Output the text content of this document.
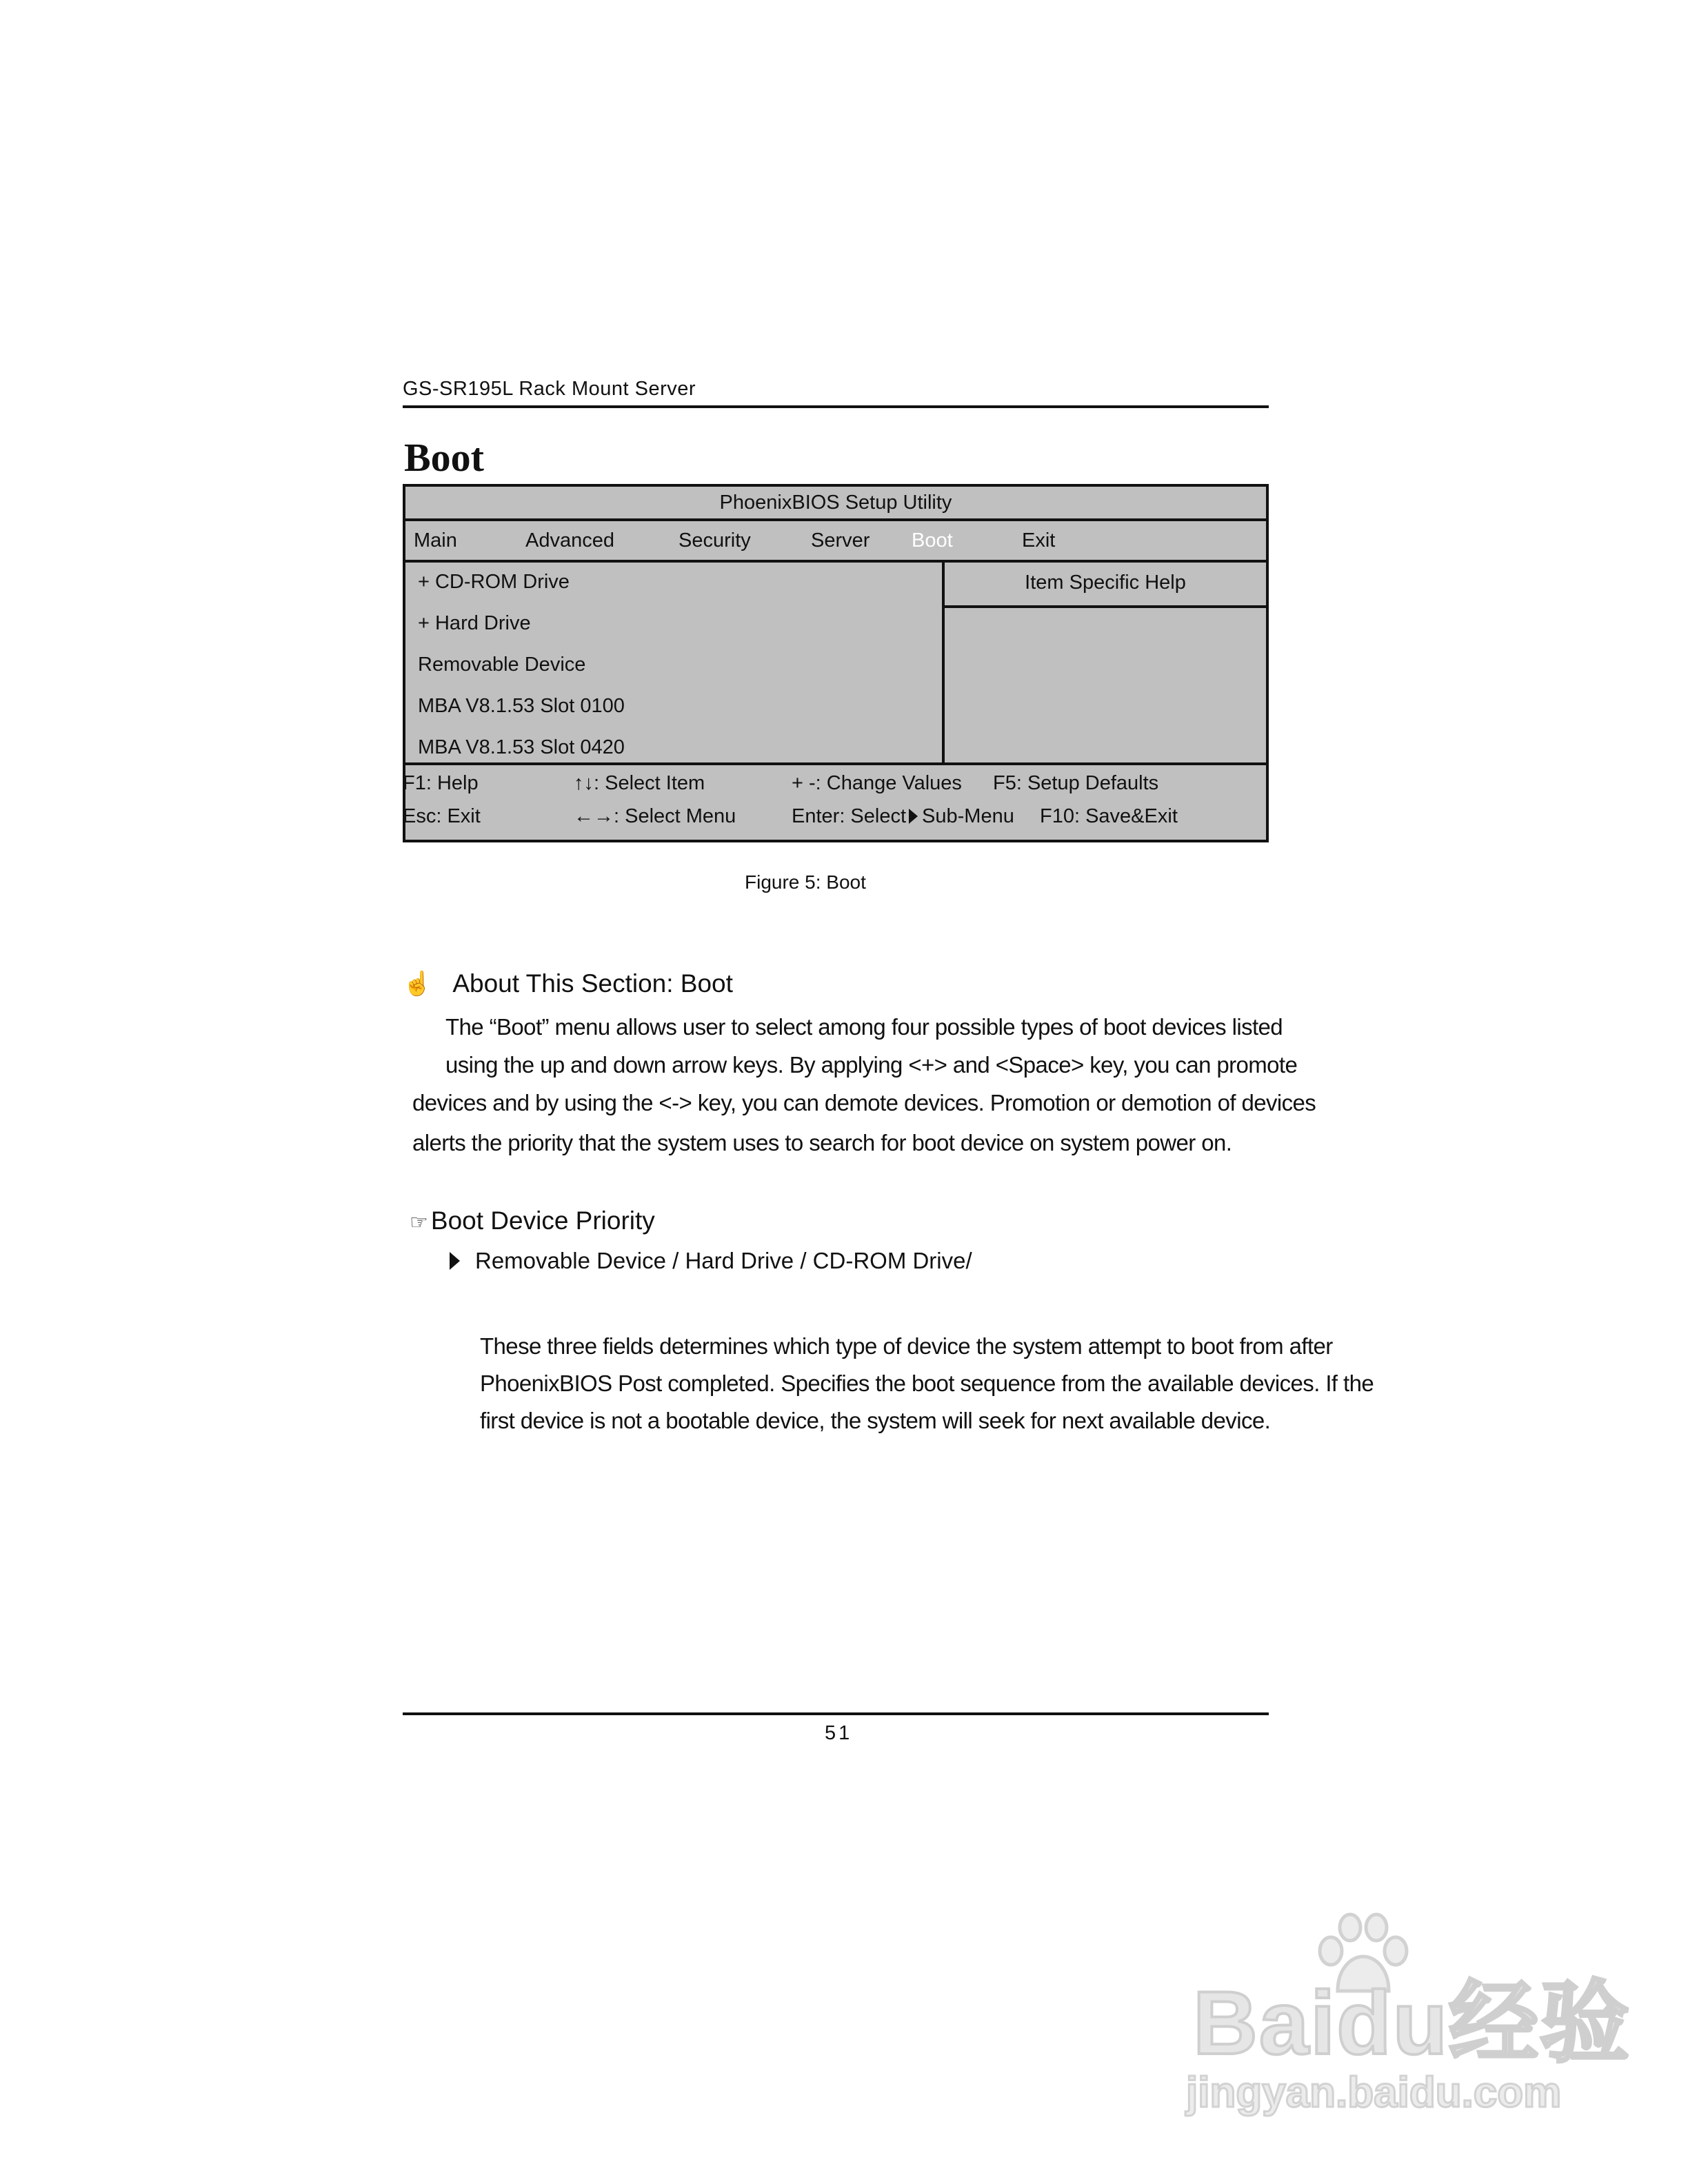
GS-SR195L Rack Mount Server
Boot
PhoenixBIOS Setup Utility
Main	Advanced	Security	Server Boot	Exit
+ CD-ROM Drive
+ Hard Drive
Removable Device
MBA V8.1.53 Slot 0100
MBA V8.1.53 Slot 0420
Item Specific Help
F1: Help	↑↓: Select Item	+ -: Change Values F5: Setup Defaults
Esc: Exit	←→: Select Menu	Enter: Select Sub-Menu F10: Save&Exit
Figure 5: Boot
☝ About This Section: Boot
The “Boot” menu allows user to select among four possible types of boot devices listed
using the up and down arrow keys. By applying <+> and <Space> key, you can promote
devices and by using the <-> key, you can demote devices. Promotion or demotion of devices
alerts the priority that the system uses to search for boot device on system power on.
☞ Boot Device Priority
Removable Device / Hard Drive / CD-ROM Drive/
These three fields determines which type of device the system attempt to boot from after
PhoenixBIOS Post completed. Specifies the boot sequence from the available devices. If the
first device is not a bootable device, the system will seek for next available device.
51
Baidu经验
jingyan.baidu.com
